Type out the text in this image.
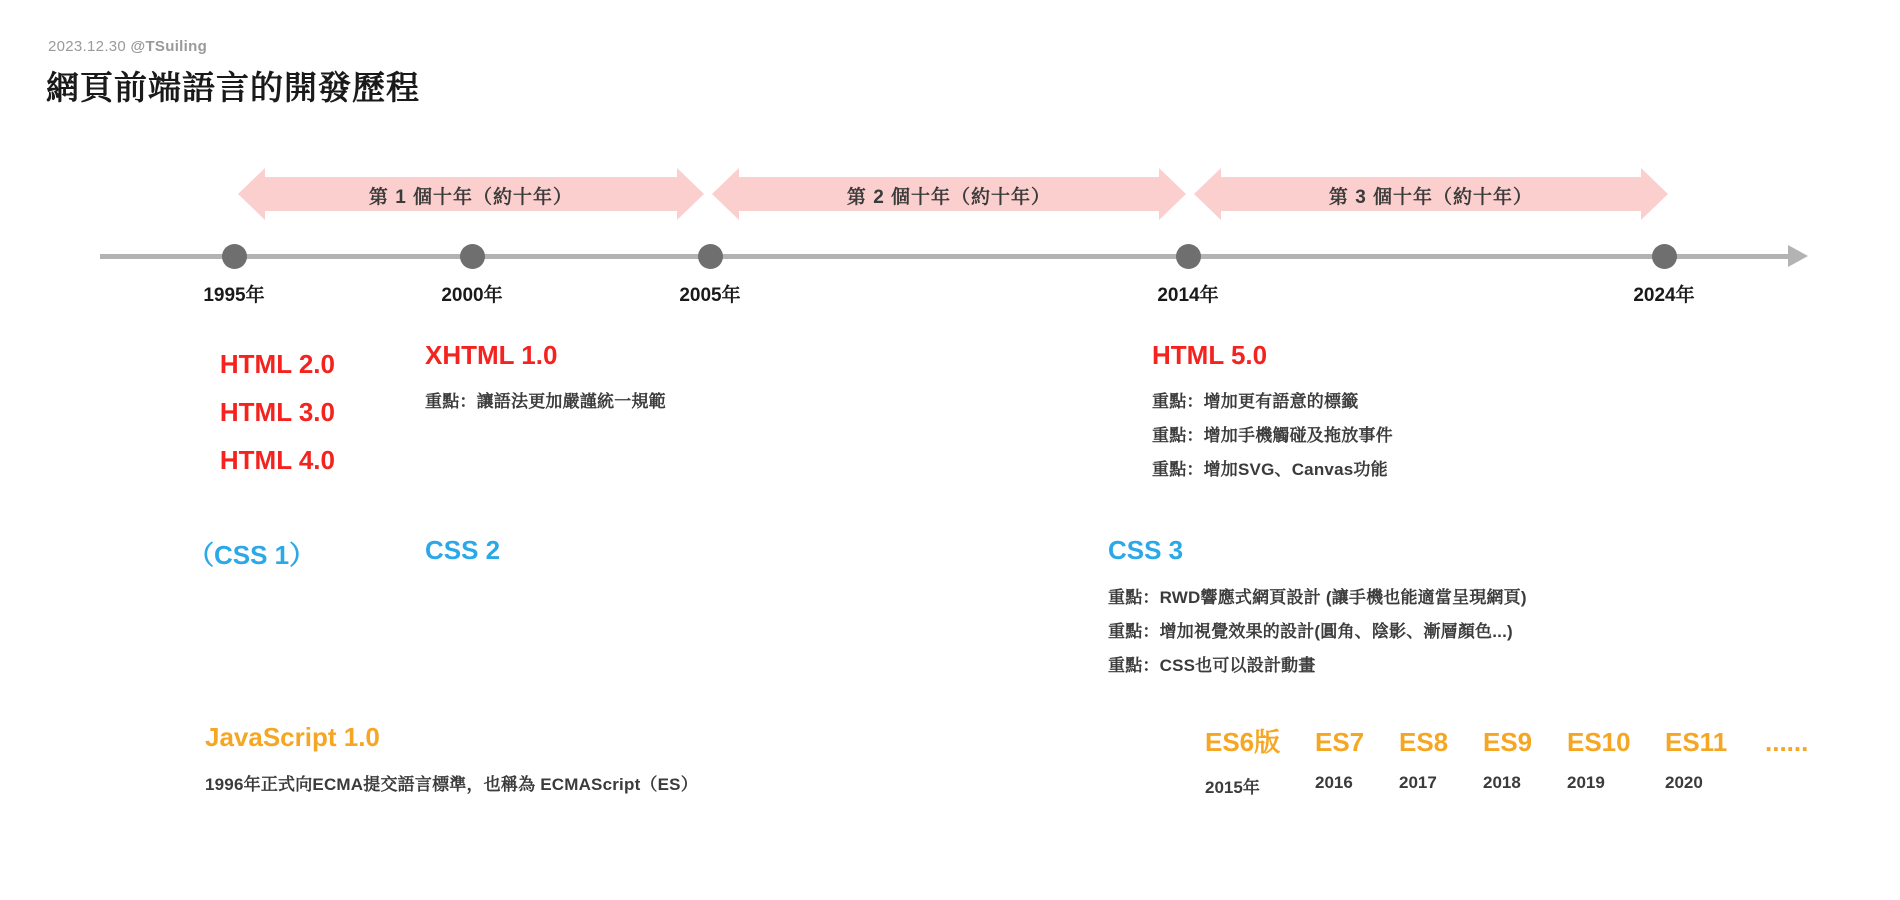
2023.12.30 @TSuiling
網頁前端語言的開發歷程
第 1 個十年（約十年）	第 2 個十年（約十年）	第 3 個十年（約十年）
1995年	2000年	2005年	2014年	2024年
HTML 2.0
HTML 3.0
HTML 4.0
XHTML 1.0
重點：讓語法更加嚴謹統一規範
HTML 5.0
重點：增加更有語意的標籤
重點：增加手機觸碰及拖放事件
重點：增加SVG、Canvas功能
（CSS 1）	CSS 2	CSS 3
重點：RWD響應式網頁設計 (讓手機也能適當呈現網頁)
重點：增加視覺效果的設計(圓角、陰影、漸層顏色...)
重點：CSS也可以設計動畫
JavaScript 1.0
1996年正式向ECMA提交語言標準，也稱為 ECMAScript（ES）
ES6版	ES7	ES8	ES9	ES10	ES11	......
2015年	2016	2017	2018	2019	2020
